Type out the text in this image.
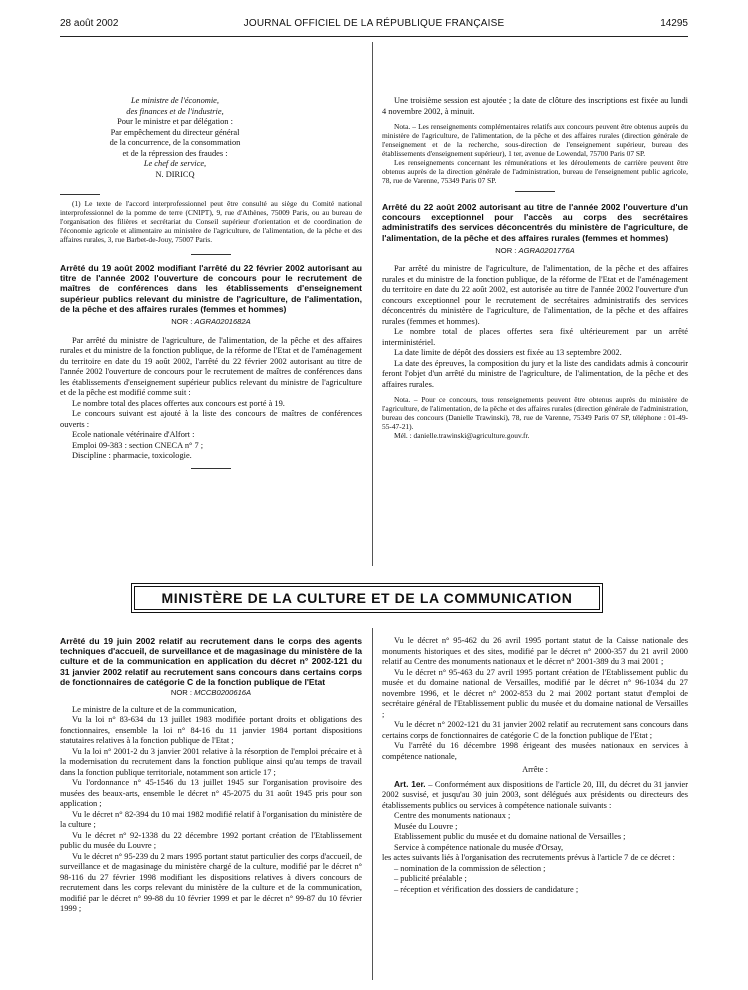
28 août 2002	JOURNAL OFFICIEL DE LA RÉPUBLIQUE FRANÇAISE	14295
Le ministre de l'économie,
des finances et de l'industrie,
Pour le ministre et par délégation :
Par empêchement du directeur général
de la concurrence, de la consommation
et de la répression des fraudes :
Le chef de service,
N. DIRICQ

(1) Le texte de l'accord interprofessionnel peut être consulté au siège du Comité national interprofessionnel de la pomme de terre (CNIPT), 9, rue d'Athènes, 75009 Paris, ou au bureau de l'organisation des filières et secrétariat du Conseil supérieur d'orientation et de coordination de l'économie agricole et alimentaire au ministère de l'agriculture, de l'alimentation, de la pêche et des affaires rurales, 3, rue Barbet-de-Jouy, 75007 Paris.

Arrêté du 19 août 2002 modifiant l'arrêté du 22 février 2002 autorisant au titre de l'année 2002 l'ouverture de concours pour le recrutement de maîtres de conférences dans les établissements d'enseignement supérieur publics relevant du ministre de l'agriculture, de l'alimentation, de la pêche et des affaires rurales (femmes et hommes)

NOR : AGRA0201682A

Par arrêté du ministre de l'agriculture, de l'alimentation, de la pêche et des affaires rurales et du ministre de la fonction publique, de la réforme de l'Etat et de l'aménagement du territoire en date du 19 août 2002, l'arrêté du 22 février 2002 autorisant au titre de l'année 2002 l'ouverture de concours pour le recrutement de maîtres de conférences dans les établissements d'enseignement supérieur publics relevant du ministre de l'agriculture et de la pêche est modifié comme suit :

Le nombre total des places offertes aux concours est porté à 19.

Le concours suivant est ajouté à la liste des concours de maîtres de conférences ouverts :

Ecole nationale vétérinaire d'Alfort :
Emploi 09-383 : section CNECA n° 7 ;
Discipline : pharmacie, toxicologie.

Une troisième session est ajoutée ; la date de clôture des inscriptions est fixée au lundi 4 novembre 2002, à minuit.

Nota. – Les renseignements complémentaires relatifs aux concours peuvent être obtenus auprès du ministère de l'agriculture, de l'alimentation, de la pêche et des affaires rurales (direction générale de l'enseignement et de la recherche, sous-direction de l'enseignement supérieur, bureau des établissements d'enseignement supérieur), 1 ter, avenue de Lowendal, 75700 Paris 07 SP.

Les renseignements concernant les rémunérations et les déroulements de carrière peuvent être obtenus auprès de la direction générale de l'administration, bureau de l'enseignement public agricole, 78, rue de Varenne, 75349 Paris 07 SP.

Arrêté du 22 août 2002 autorisant au titre de l'année 2002 l'ouverture d'un concours exceptionnel pour l'accès au corps des secrétaires administratifs des services déconcentrés du ministère de l'agriculture, de l'alimentation, de la pêche et des affaires rurales (femmes et hommes)

NOR : AGRA0201776A

Par arrêté du ministre de l'agriculture, de l'alimentation, de la pêche et des affaires rurales et du ministre de la fonction publique, de la réforme de l'Etat et de l'aménagement du territoire en date du 22 août 2002, est autorisée au titre de l'année 2002 l'ouverture d'un concours exceptionnel pour le recrutement de secrétaires administratifs des services déconcentrés du ministère de l'agriculture, de l'alimentation, de la pêche et des affaires rurales (femmes et hommes).

Le nombre total de places offertes sera fixé ultérieurement par un arrêté interministériel.

La date limite de dépôt des dossiers est fixée au 13 septembre 2002.

La date des épreuves, la composition du jury et la liste des candidats admis à concourir feront l'objet d'un arrêté du ministre de l'agriculture, de l'alimentation, de la pêche et des affaires rurales.

Nota. – Pour ce concours, tous renseignements peuvent être obtenus auprès du ministère de l'agriculture, de l'alimentation, de la pêche et des affaires rurales (direction générale de l'administration, bureau des concours (Danielle Trawinski), 78, rue de Varenne, 75349 Paris 07 SP, téléphone : 01-49-55-47-21).

Mél. : danielle.trawinski@agriculture.gouv.fr.

MINISTÈRE DE LA CULTURE ET DE LA COMMUNICATION

Arrêté du 19 juin 2002 relatif au recrutement dans le corps des agents techniques d'accueil, de surveillance et de magasinage du ministère de la culture et de la communication en application du décret n° 2002-121 du 31 janvier 2002 relatif au recrutement sans concours dans certains corps de fonctionnaires de catégorie C de la fonction publique de l'Etat

NOR : MCCB0200616A

Le ministre de la culture et de la communication,

Vu la loi n° 83-634 du 13 juillet 1983 modifiée portant droits et obligations des fonctionnaires, ensemble la loi n° 84-16 du 11 janvier 1984 portant dispositions statutaires relatives à la fonction publique de l'Etat ;

Vu la loi n° 2001-2 du 3 janvier 2001 relative à la résorption de l'emploi précaire et à la modernisation du recrutement dans la fonction publique ainsi qu'au temps de travail dans la fonction publique territoriale, notamment son article 17 ;

Vu l'ordonnance n° 45-1546 du 13 juillet 1945 sur l'organisation provisoire des musées des beaux-arts, ensemble le décret n° 45-2075 du 31 août 1945 pris pour son application ;

Vu le décret n° 82-394 du 10 mai 1982 modifié relatif à l'organisation du ministère de la culture ;

Vu le décret n° 92-1338 du 22 décembre 1992 portant création de l'Etablissement public du musée du Louvre ;

Vu le décret n° 95-239 du 2 mars 1995 portant statut particulier des corps d'accueil, de surveillance et de magasinage du ministère chargé de la culture, modifié par le décret n° 98-116 du 27 février 1998 modifiant les dispositions relatives à divers concours de recrutement dans les corps relevant du ministère de la culture et de la communication, modifié par le décret n° 99-88 du 10 février 1999 et par le décret n° 99-87 du 10 février 1999 ;

Vu le décret n° 95-462 du 26 avril 1995 portant statut de la Caisse nationale des monuments historiques et des sites, modifié par le décret n° 2000-357 du 21 avril 2000 relatif au Centre des monuments nationaux et le décret n° 2001-389 du 3 mai 2001 ;

Vu le décret n° 95-463 du 27 avril 1995 portant création de l'Etablissement public du musée et du domaine national de Versailles, modifié par le décret n° 96-1034 du 27 novembre 1996, et le décret n° 2002-853 du 2 mai 2002 portant statut d'emploi de secrétaire général de l'Etablissement public du musée et du domaine national de Versailles ;

Vu le décret n° 2002-121 du 31 janvier 2002 relatif au recrutement sans concours dans certains corps de fonctionnaires de catégorie C de la fonction publique de l'Etat ;

Vu l'arrêté du 16 décembre 1998 érigeant des musées nationaux en services à compétence nationale,

Arrête :

Art. 1er. – Conformément aux dispositions de l'article 20, III, du décret du 31 janvier 2002 susvisé, et jusqu'au 30 juin 2003, sont délégués aux présidents ou directeurs des établissements publics ou services à compétence nationale suivants :

Centre des monuments nationaux ;

Musée du Louvre ;

Etablissement public du musée et du domaine national de Versailles ;

Service à compétence nationale du musée d'Orsay,

les actes suivants liés à l'organisation des recrutements prévus à l'article 7 de ce décret :

– nomination de la commission de sélection ;

– publicité préalable ;

– réception et vérification des dossiers de candidature ;
